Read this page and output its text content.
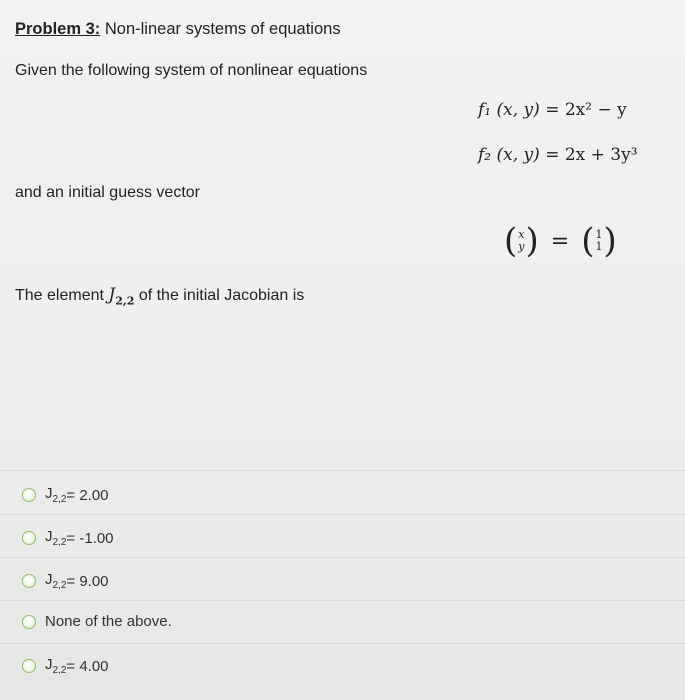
Problem 3: Non-linear systems of equations
Given the following system of nonlinear equations
f₁ (x, y) = 2x² − y
f₂ (x, y) = 2x + 3y³
and an initial guess vector
( x
y ) = ( 1
1 )
The element $J_{2,2}$ of the initial Jacobian is
$J_{2,2} = 2.00$
$J_{2,2} = -1.00$
$J_{2,2} = 9.00$
None of the above.
$J_{2,2} = 4.00$
